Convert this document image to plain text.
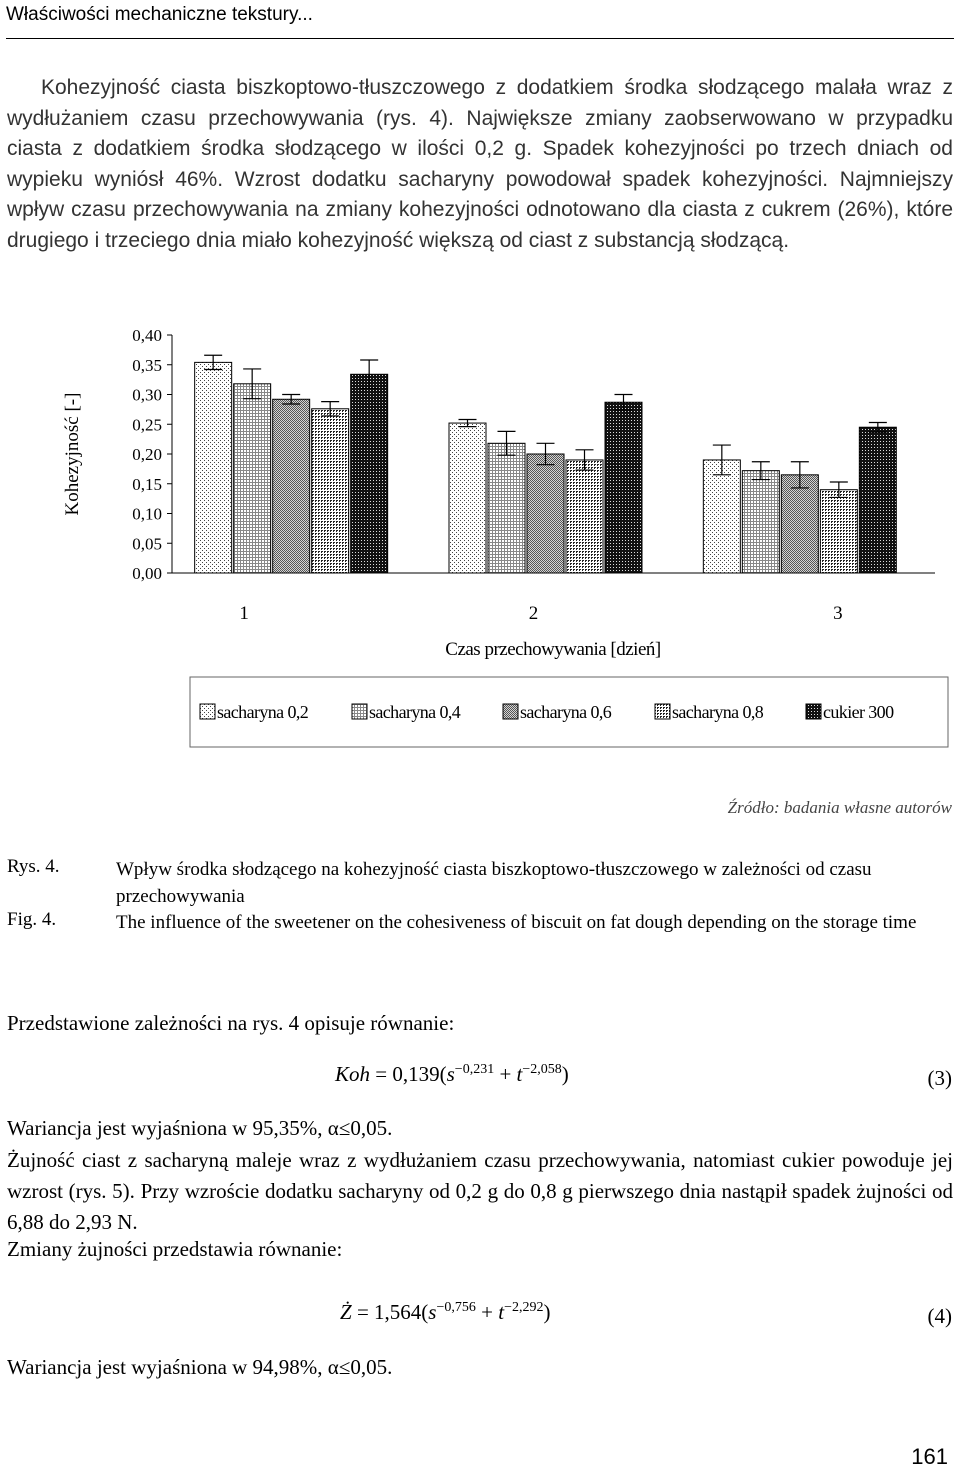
Właściwości mechaniczne tekstury...
Kohezyjność ciasta biszkoptowo-tłuszczowego z dodatkiem środka słodzącego malała wraz z wydłużaniem czasu przechowywania (rys. 4). Największe zmiany zaobserwowano w przypadku ciasta z dodatkiem środka słodzącego w ilości 0,2 g. Spadek kohezyjności po trzech dniach od wypieku wyniósł 46%. Wzrost dodatku sacharyny powodował spadek kohezyjności. Najmniejszy wpływ czasu przechowywania na zmiany kohezyjności odnotowano dla ciasta z cukrem (26%), które drugiego i trzeciego dnia miało kohezyjność większą od ciast z substancją słodzącą.
0,00
0,05
0,10
0,15
0,20
0,25
0,30
0,35
0,40
Kohezyjność [-]
1	2	3
Czas przechowywania [dzień]
sacharyna 0,2	sacharyna 0,4	sacharyna 0,6	sacharyna 0,8	cukier 300
Źródło: badania własne autorów
Rys. 4.	Wpływ środka słodzącego na kohezyjność ciasta biszkoptowo-tłuszczowego w zależności od czasu przechowywania
Fig. 4.	The influence of the sweetener on the cohesiveness of biscuit on fat dough depending on the storage time
Przedstawione zależności na rys. 4 opisuje równanie:
Koh = $0,139(s^{-0,231} + t^{-2,058})$	(3)
Wariancja jest wyjaśniona w 95,35%, α≤0,05.
Żujność ciast z sacharyną maleje wraz z wydłużaniem czasu przechowywania, natomiast cukier powoduje jej wzrost (rys. 5). Przy wzroście dodatku sacharyny od 0,2 g do 0,8 g pierwszego dnia nastąpił spadek żujności od 6,88 do 2,93 N.
Zmiany żujności przedstawia równanie:
Ż = $1,564(s^{-0,756} + t^{-2,292})$	(4)
Wariancja jest wyjaśniona w 94,98%, α≤0,05.
161
